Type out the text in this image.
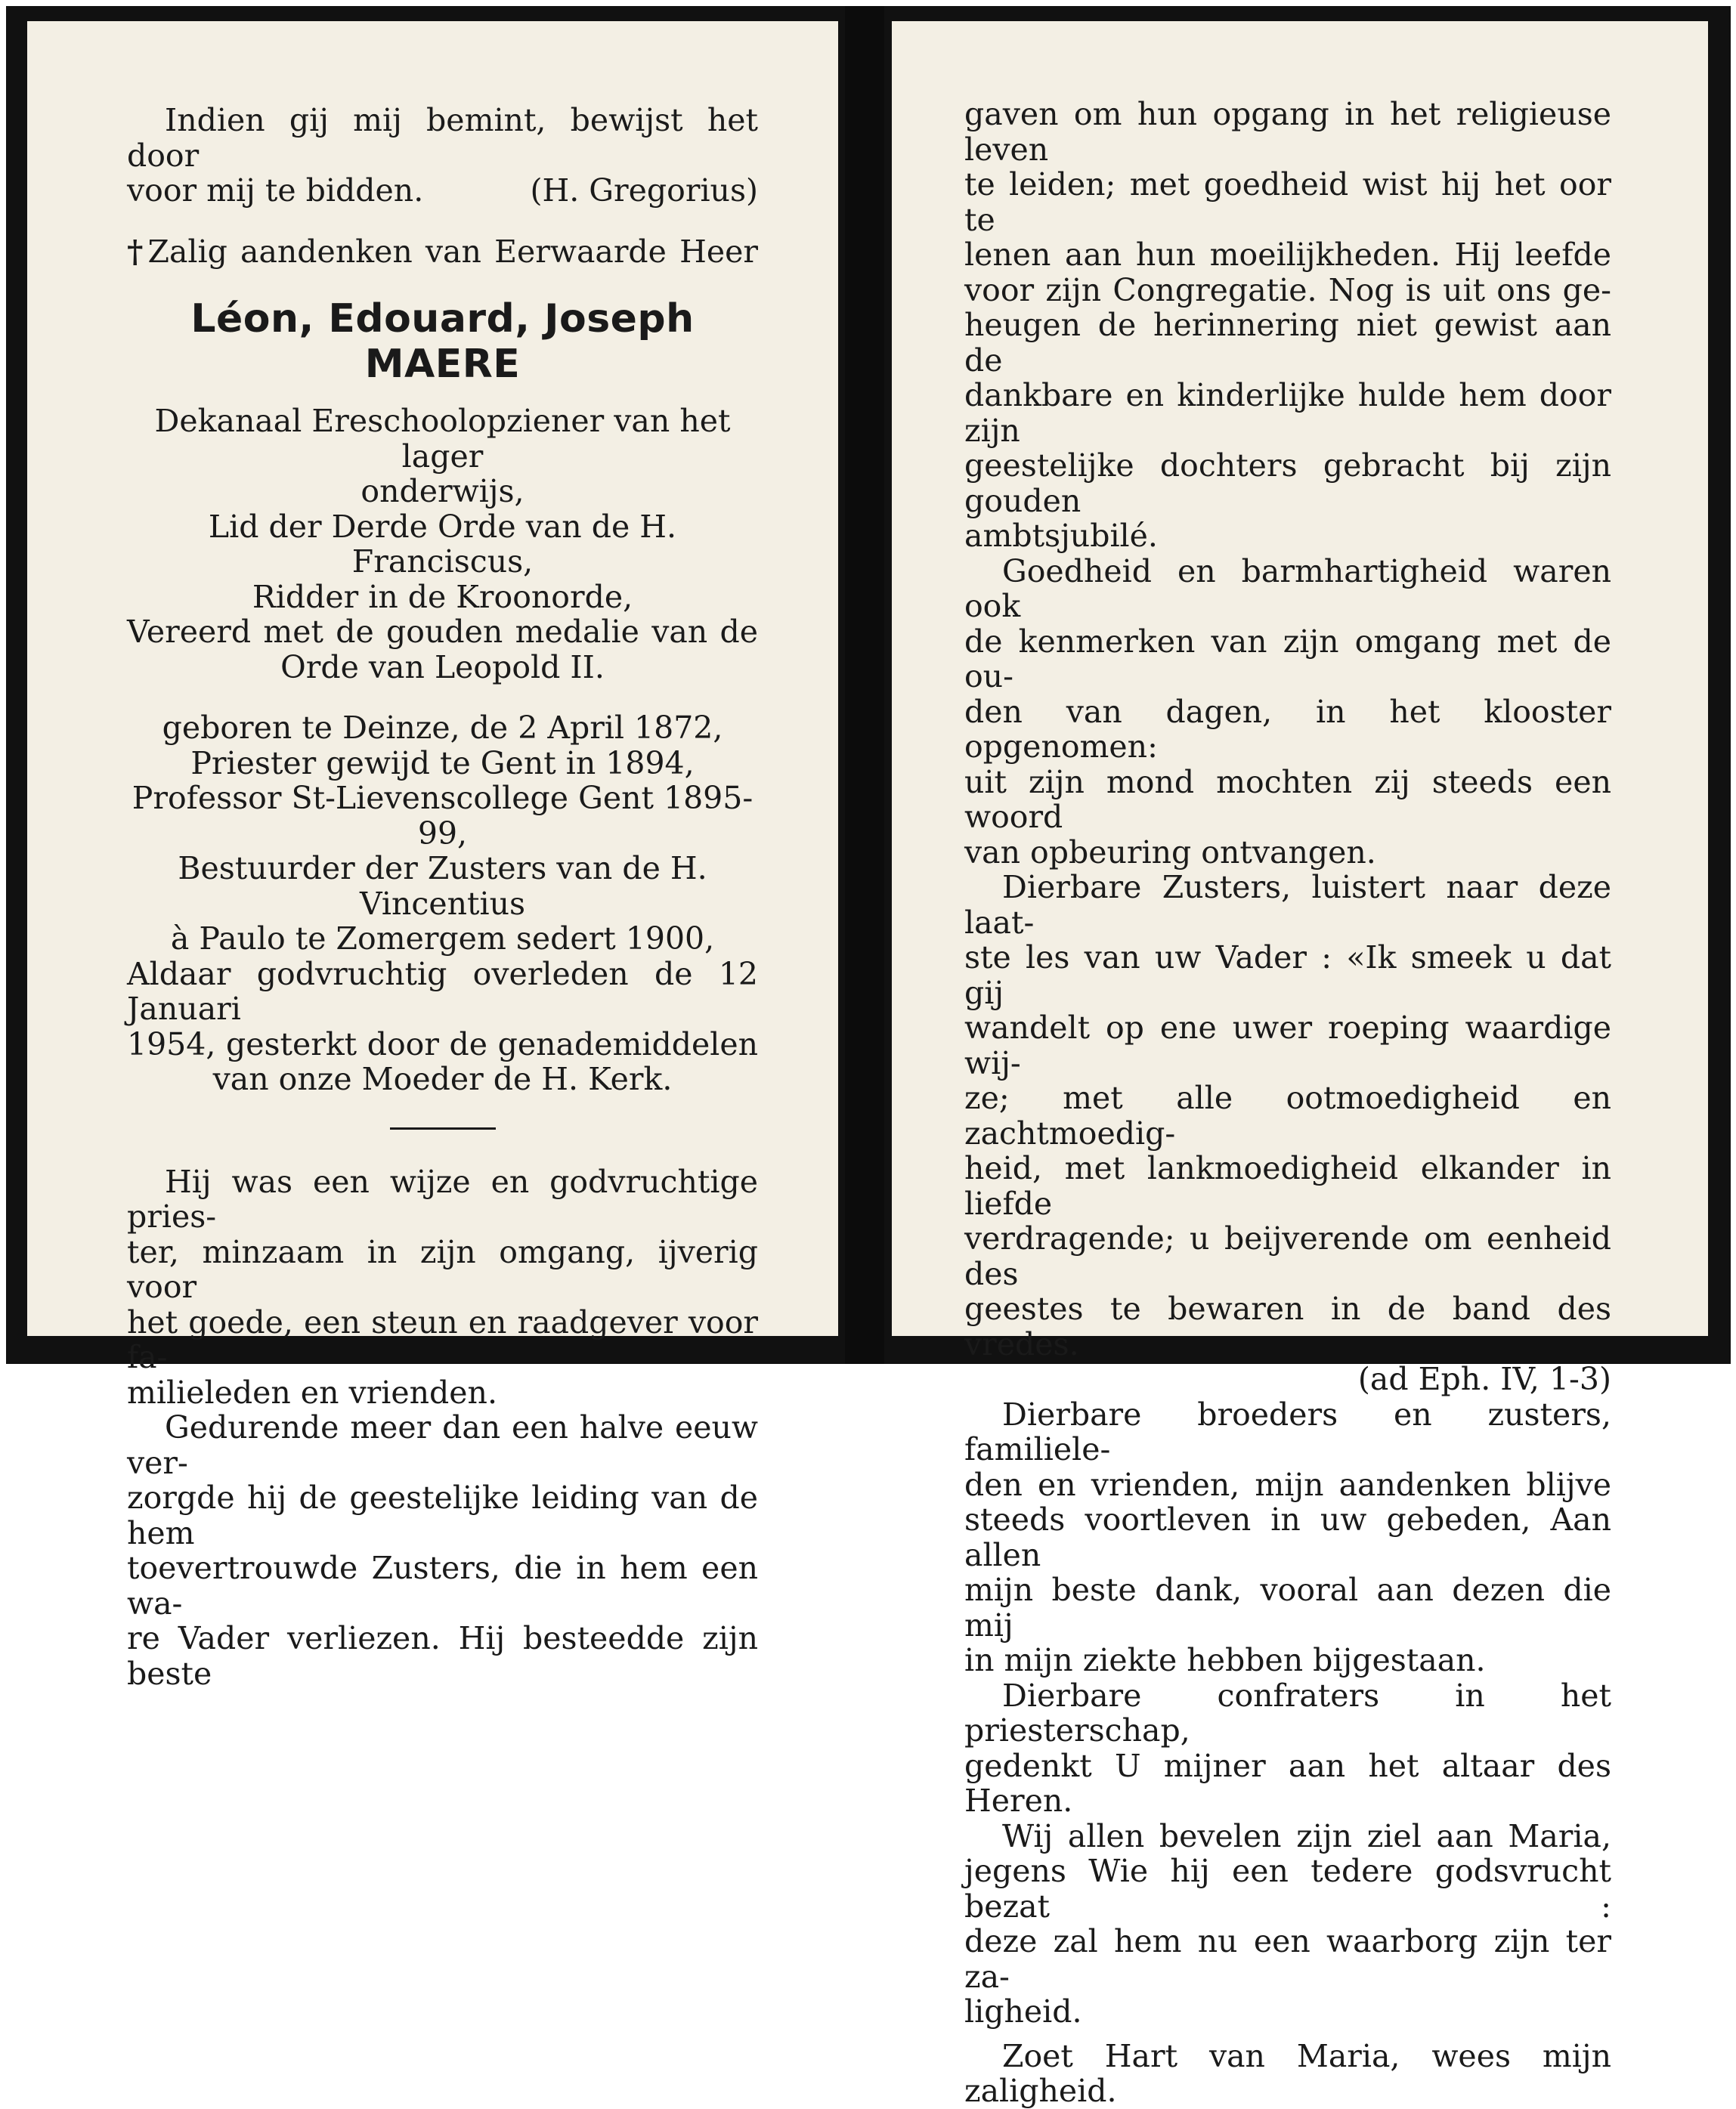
Indien gij mij bemint, bewijst het door

voor mij te bidden.	(H. Gregorius)
† Zalig aandenken van Eerwaarde Heer
Léon, Edouard, Joseph MAERE

Dekanaal Ereschoolopziener van het lager

onderwijs,

Lid der Derde Orde van de H. Franciscus,

Ridder in de Kroonorde,

Vereerd met de gouden medalie van de

Orde van Leopold II.

geboren te Deinze, de 2 April 1872,

Priester gewijd te Gent in 1894,

Professor St-Lievenscollege Gent 1895-99,

Bestuurder der Zusters van de H. Vincentius

à Paulo te Zomergem sedert 1900,

Aldaar godvruchtig overleden de 12 Januari

1954, gesterkt door de genademiddelen

van onze Moeder de H. Kerk.

Hij was een wijze en godvruchtige pries-

ter, minzaam in zijn omgang, ijverig voor

het goede, een steun en raadgever voor fa-

milieleden en vrienden.

Gedurende meer dan een halve eeuw ver-

zorgde hij de geestelijke leiding van de hem

toevertrouwde Zusters, die in hem een wa-

re Vader verliezen. Hij besteedde zijn beste

gaven om hun opgang in het religieuse leven

te leiden; met goedheid wist hij het oor te

lenen aan hun moeilijkheden. Hij leefde

voor zijn Congregatie. Nog is uit ons ge-

heugen de herinnering niet gewist aan de

dankbare en kinderlijke hulde hem door zijn

geestelijke dochters gebracht bij zijn gouden

ambtsjubilé.

Goedheid en barmhartigheid waren ook

de kenmerken van zijn omgang met de ou-

den van dagen, in het klooster opgenomen:

uit zijn mond mochten zij steeds een woord

van opbeuring ontvangen.

Dierbare Zusters, luistert naar deze laat-

ste les van uw Vader : «Ik smeek u dat gij

wandelt op ene uwer roeping waardige wij-

ze; met alle ootmoedigheid en zachtmoedig-

heid, met lankmoedigheid elkander in liefde

verdragende; u beijverende om eenheid des

geestes te bewaren in de band des vredes.

(ad Eph. IV, 1-3)

Dierbare broeders en zusters, familiele-

den en vrienden, mijn aandenken blijve

steeds voortleven in uw gebeden, Aan allen

mijn beste dank, vooral aan dezen die mij

in mijn ziekte hebben bijgestaan.

Dierbare confraters in het priesterschap,

gedenkt U mijner aan het altaar des Heren.

Wij allen bevelen zijn ziel aan Maria,

jegens Wie hij een tedere godsvrucht bezat :

deze zal hem nu een waarborg zijn ter za-

ligheid.

Zoet Hart van Maria, wees mijn zaligheid.
